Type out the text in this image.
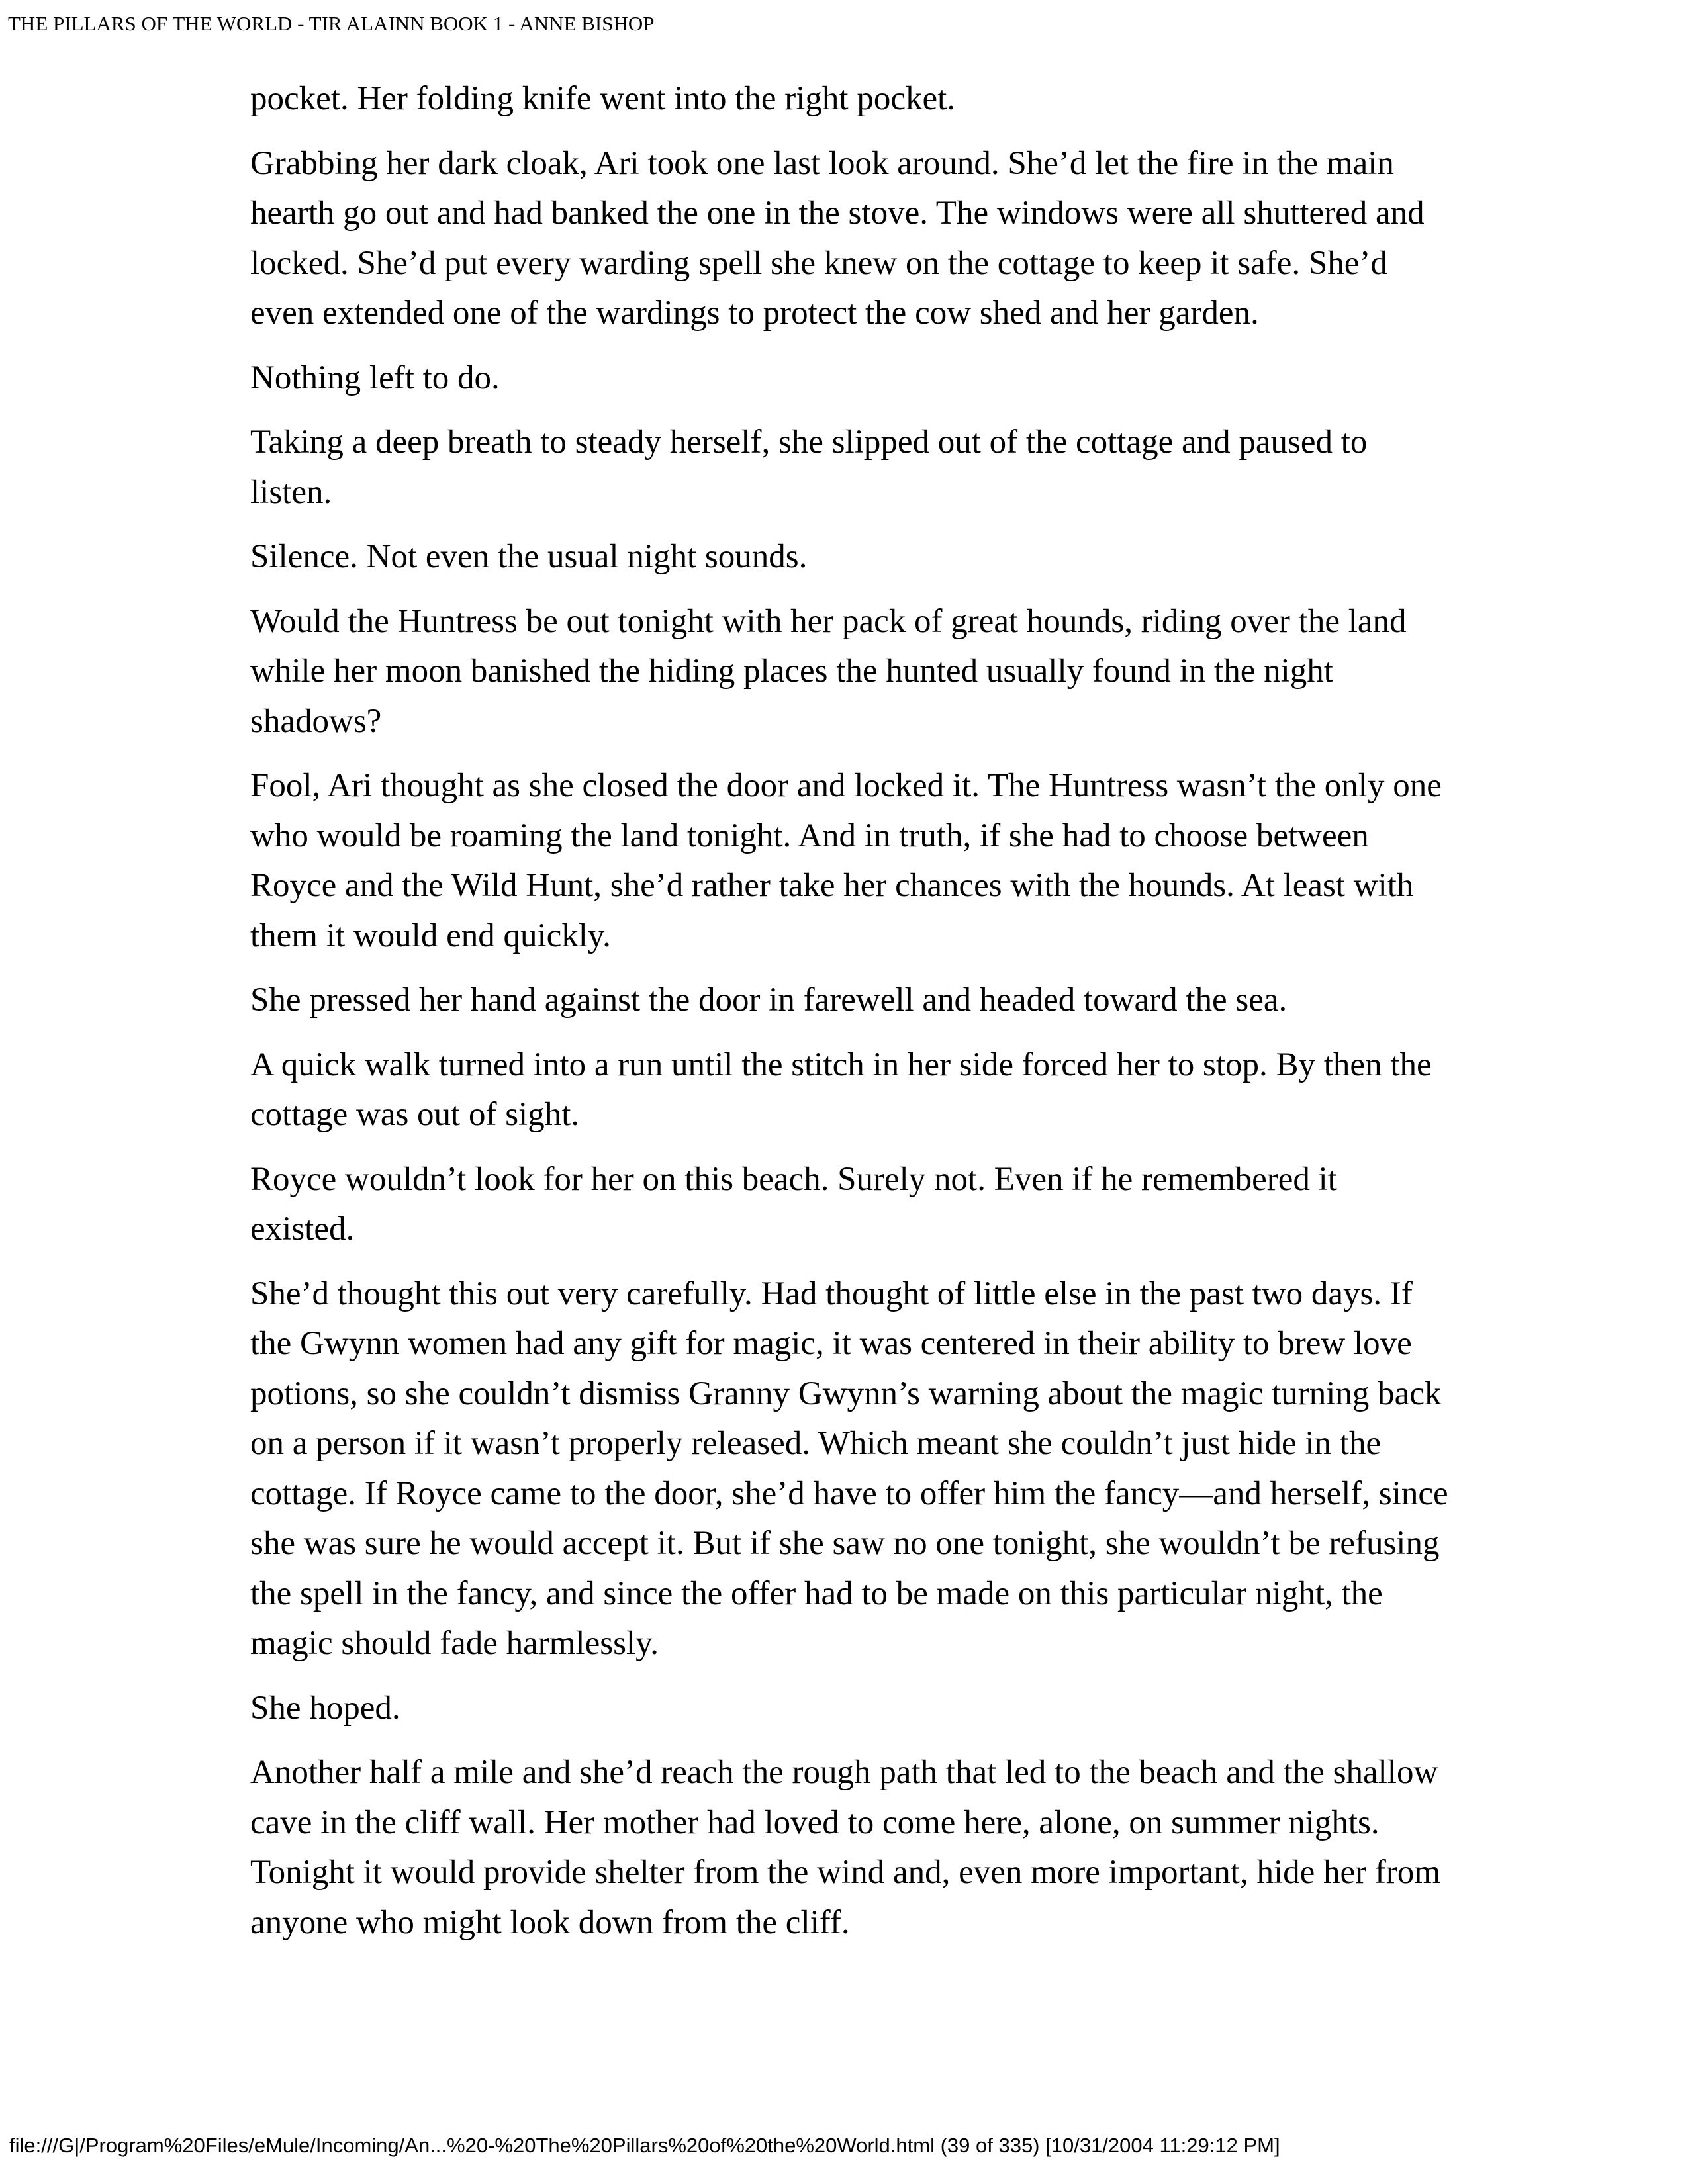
THE PILLARS OF THE WORLD - TIR ALAINN BOOK 1 - ANNE BISHOP

pocket. Her folding knife went into the right pocket.

Grabbing her dark cloak, Ari took one last look around. She’d let the fire in the main hearth go out and had banked the one in the stove. The windows were all shuttered and locked. She’d put every warding spell she knew on the cottage to keep it safe. She’d even extended one of the wardings to protect the cow shed and her garden.

Nothing left to do.

Taking a deep breath to steady herself, she slipped out of the cottage and paused to listen.

Silence. Not even the usual night sounds.

Would the Huntress be out tonight with her pack of great hounds, riding over the land while her moon banished the hiding places the hunted usually found in the night shadows?

Fool, Ari thought as she closed the door and locked it. The Huntress wasn’t the only one who would be roaming the land tonight. And in truth, if she had to choose between Royce and the Wild Hunt, she’d rather take her chances with the hounds. At least with them it would end quickly.

She pressed her hand against the door in farewell and headed toward the sea.

A quick walk turned into a run until the stitch in her side forced her to stop. By then the cottage was out of sight.

Royce wouldn’t look for her on this beach. Surely not. Even if he remembered it existed.

She’d thought this out very carefully. Had thought of little else in the past two days. If the Gwynn women had any gift for magic, it was centered in their ability to brew love potions, so she couldn’t dismiss Granny Gwynn’s warning about the magic turning back on a person if it wasn’t properly released. Which meant she couldn’t just hide in the cottage. If Royce came to the door, she’d have to offer him the fancy—and herself, since she was sure he would accept it. But if she saw no one tonight, she wouldn’t be refusing the spell in the fancy, and since the offer had to be made on this particular night, the magic should fade harmlessly.

She hoped.

Another half a mile and she’d reach the rough path that led to the beach and the shallow cave in the cliff wall. Her mother had loved to come here, alone, on summer nights. Tonight it would provide shelter from the wind and, even more important, hide her from anyone who might look down from the cliff.

file:///G|/Program%20Files/eMule/Incoming/An...%20-%20The%20Pillars%20of%20the%20World.html (39 of 335) [10/31/2004 11:29:12 PM]
